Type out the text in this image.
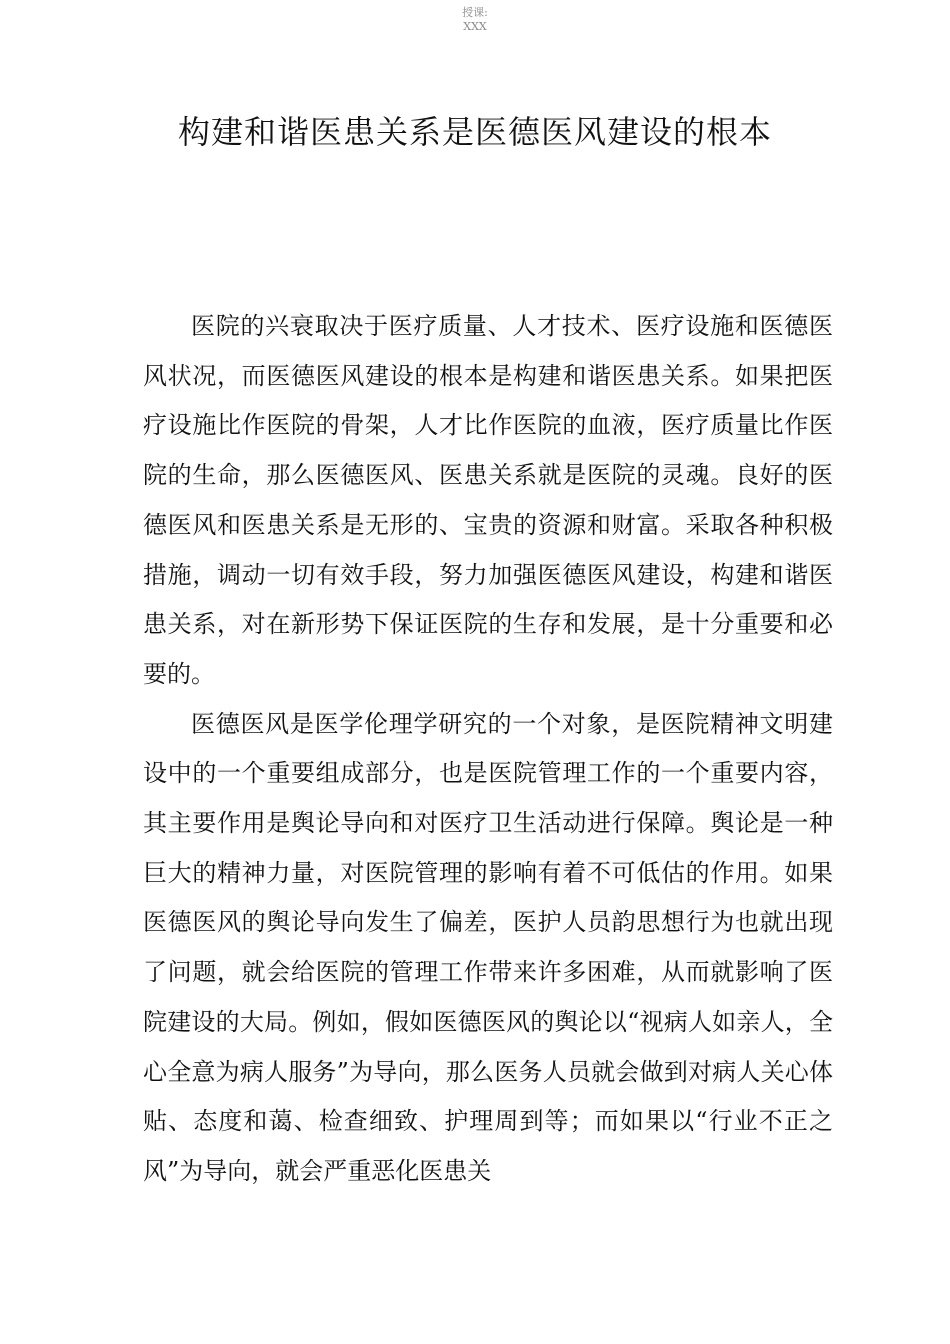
授课:
XXX
构建和谐医患关系是医德医风建设的根本

医院的兴衰取决于医疗质量、人才技术、医疗设施和医德医风状况，而医德医风建设的根本是构建和谐医患关系。如果把医疗设施比作医院的骨架，人才比作医院的血液，医疗质量比作医院的生命，那么医德医风、医患关系就是医院的灵魂。良好的医德医风和医患关系是无形的、宝贵的资源和财富。采取各种积极措施，调动一切有效手段，努力加强医德医风建设，构建和谐医患关系，对在新形势下保证医院的生存和发展，是十分重要和必要的。

医德医风是医学伦理学研究的一个对象，是医院精神文明建设中的一个重要组成部分，也是医院管理工作的一个重要内容，其主要作用是舆论导向和对医疗卫生活动进行保障。舆论是一种巨大的精神力量，对医院管理的影响有着不可低估的作用。如果医德医风的舆论导向发生了偏差，医护人员韵思想行为也就出现了问题，就会给医院的管理工作带来许多困难，从而就影响了医院建设的大局。例如，假如医德医风的舆论以“视病人如亲人，全心全意为病人服务”为导向，那么医务人员就会做到对病人关心体贴、态度和蔼、检查细致、护理周到等；而如果以“行业不正之风”为导向，就会严重恶化医患关
